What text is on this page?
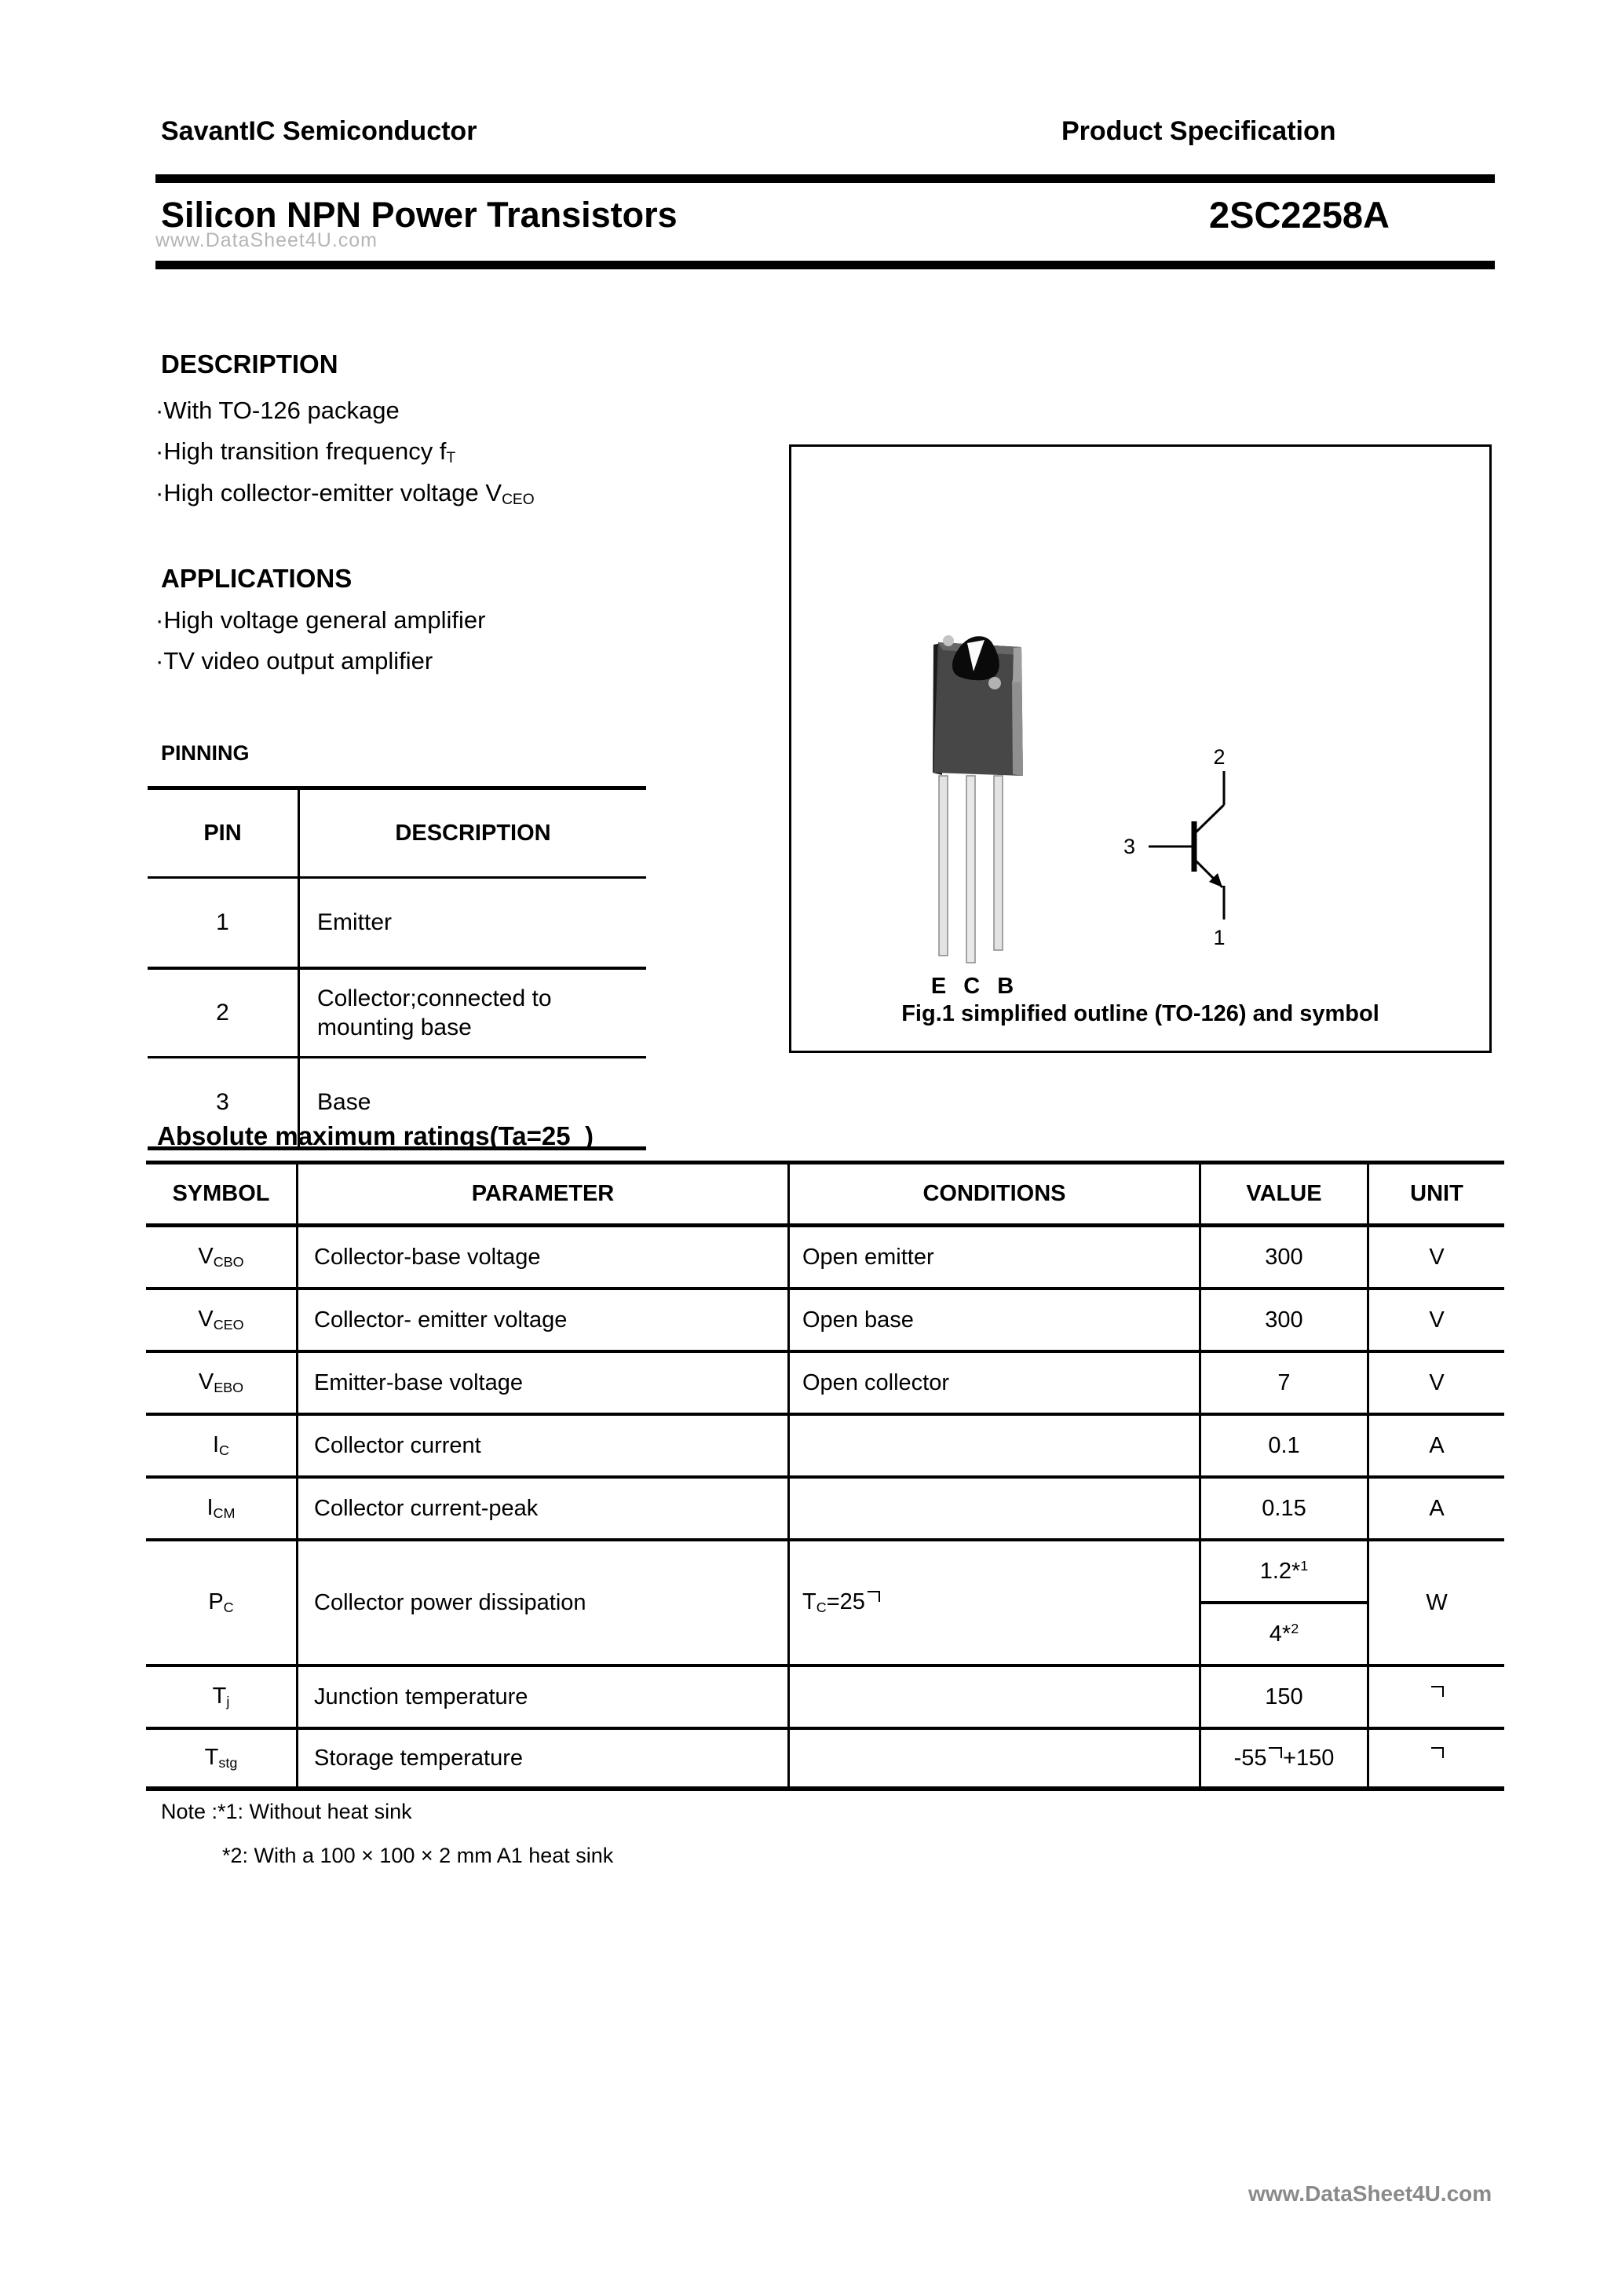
SavantIC Semiconductor	Product Specification
www.DataSheet4U.com
Silicon NPN Power Transistors	2SC2258A
DESCRIPTION
·With TO-126 package
·High transition frequency $f_T$
·High collector-emitter voltage $V_{CEO}$
APPLICATIONS
·High voltage general amplifier
·TV video output amplifier
PINNING
PIN	DESCRIPTION
1	Emitter
2	Collector;connected to mounting base

3	Base
E C B
2
3
1
Fig.1 simplified outline (TO-126) and symbol
Absolute maximum ratings(Ta=25  )
SYMBOL	PARAMETER	CONDITIONS	VALUE	UNIT
$V_{CBO}$	Collector-base voltage	Open emitter	300	V
$V_{CEO}$	Collector- emitter voltage	Open base	300	V
$V_{EBO}$	Emitter-base voltage	Open collector	7	V
$I_C$	Collector current		0.1	A
$I_{CM}$	Collector current-peak		0.15	A
$P_C$	Collector power dissipation	$T_C=25$	1.2*$^1$	W
			4*$^2$
$T_j$	Junction temperature		150	
$T_{stg}$	Storage temperature		-55 +150	
Note :*1: Without heat sink
*2: With a 100 × 100 × 2 mm A1 heat sink
www.DataSheet4U.com
